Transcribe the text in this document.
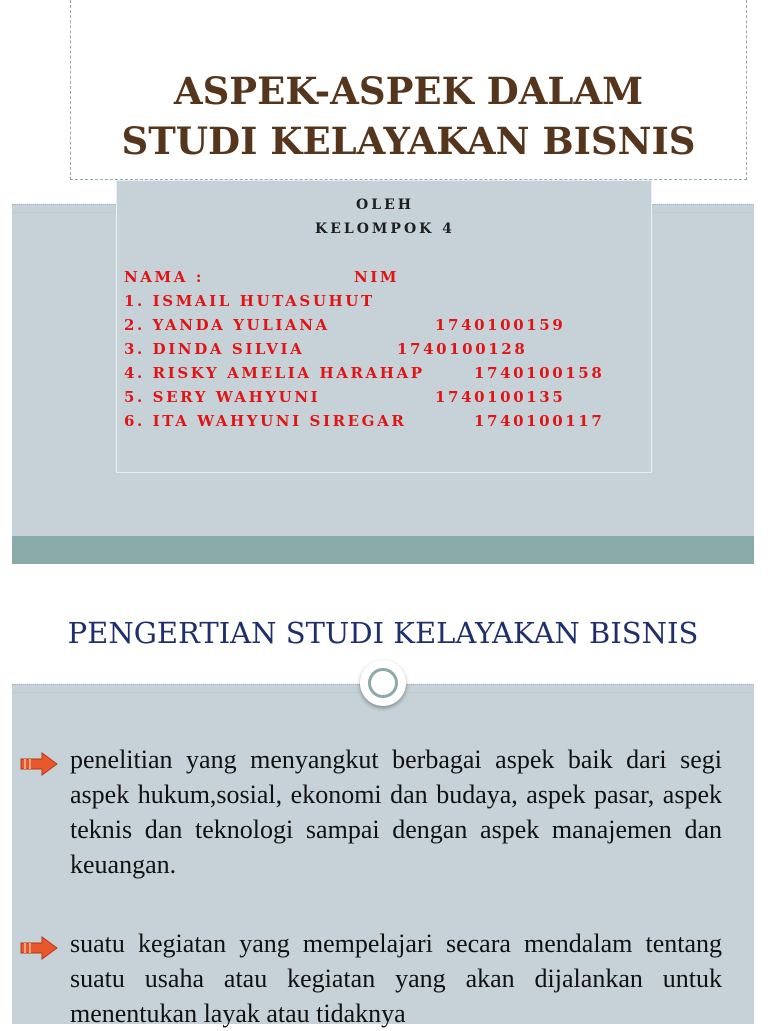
ASPEK-ASPEK DALAM
STUDI KELAYAKAN BISNIS
OLEH
KELOMPOK 4
NAMA :	NIM
1. ISMAIL HUTASUHUT
2. YANDA YULIANA	1740100159
3. DINDA SILVIA	1740100128
4. RISKY AMELIA HARAHAP	1740100158
5. SERY WAHYUNI	1740100135
6. ITA WAHYUNI SIREGAR	1740100117
PENGERTIAN STUDI KELAYAKAN BISNIS
penelitian yang menyangkut berbagai aspek baik dari segi aspek hukum,sosial, ekonomi dan budaya, aspek pasar, aspek teknis dan teknologi sampai dengan aspek manajemen dan keuangan.
suatu kegiatan yang mempelajari secara mendalam tentang suatu usaha atau kegiatan yang akan dijalankan untuk menentukan layak atau tidaknya
